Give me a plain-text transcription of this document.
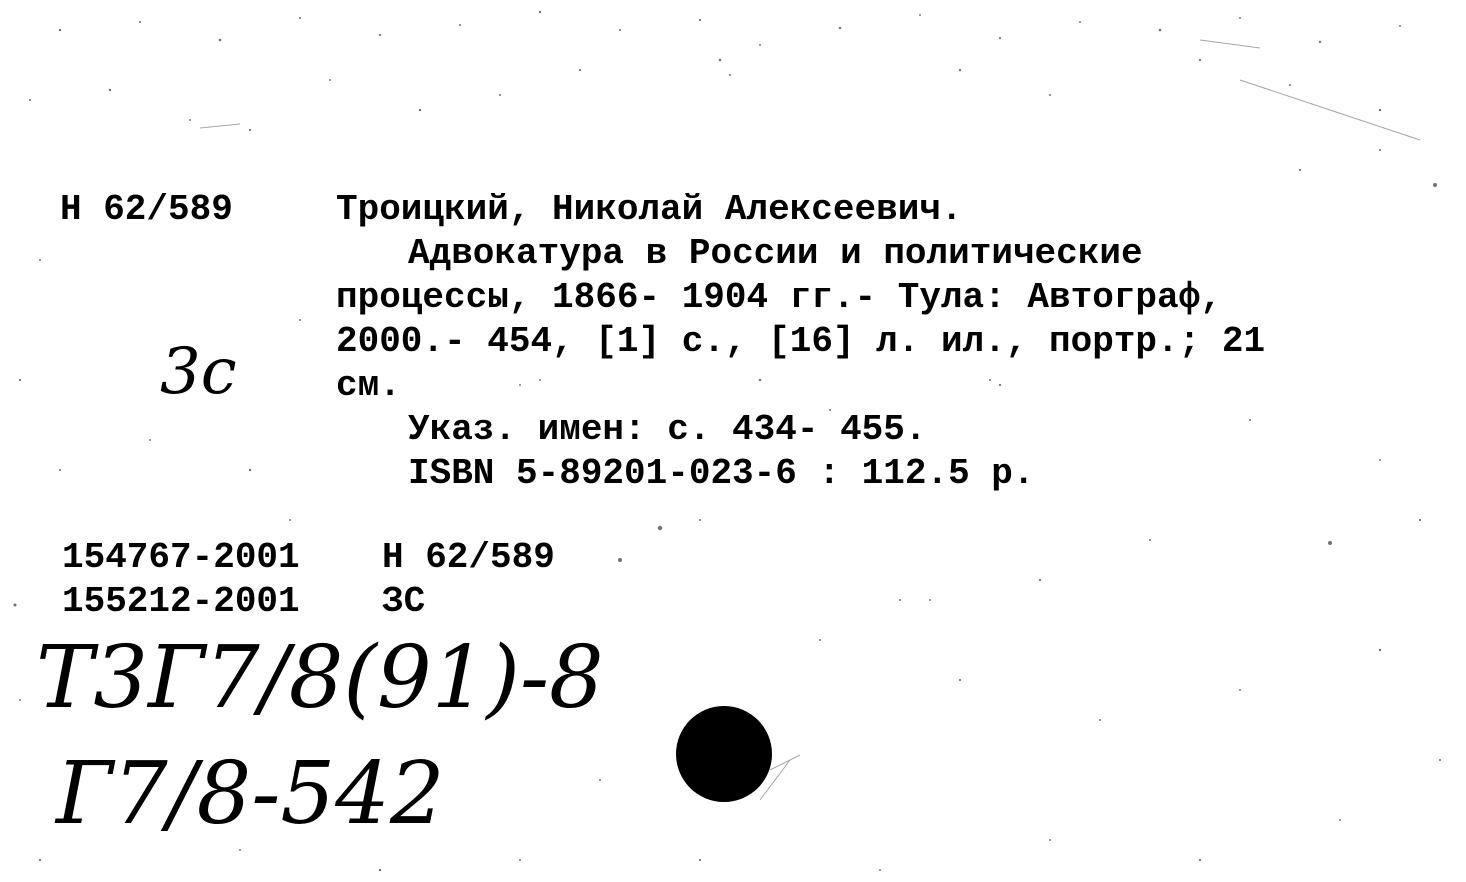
Н 62/589	Троицкий, Николай Алексеевич.
Адвокатура в России и политические
процессы, 1866- 1904 гг.- Тула: Автограф,
2000.- 454, [1] с., [16] л. ил., портр.; 21
см.
Указ. имен: с. 434- 455.
ISBN 5-89201-023-6 : 112.5 р.
154767-2001 Н 62/589
155212-2001 ЗС
3с
Т3Г7/8(91)-8
Г7/8-542
